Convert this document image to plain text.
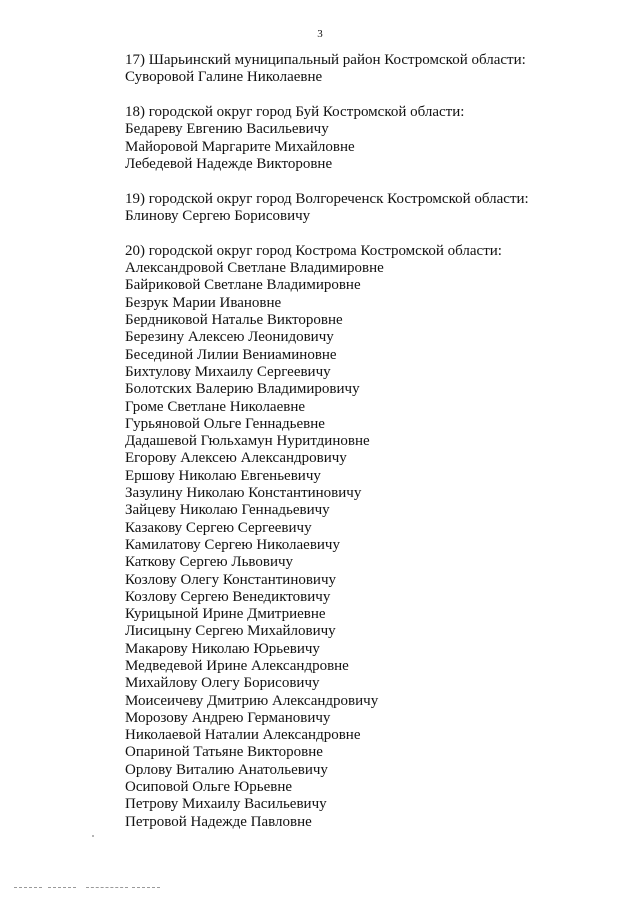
3
17) Шарьинский муниципальный район Костромской области:
Суворовой Галине Николаевне
18) городской округ город Буй Костромской области:
Бедареву Евгению Васильевичу
Майоровой Маргарите Михайловне
Лебедевой Надежде Викторовне
19) городской округ город Волгореченск Костромской области:
Блинову Сергею Борисовичу
20) городской округ город Кострома Костромской области:
Александровой Светлане Владимировне
Байриковой Светлане Владимировне
Безрук Марии Ивановне
Бердниковой Наталье Викторовне
Березину Алексею Леонидовичу
Бесединой Лилии Вениаминовне
Бихтулову Михаилу Сергеевичу
Болотских Валерию Владимировичу
Громе Светлане Николаевне
Гурьяновой Ольге Геннадьевне
Дадашевой Гюльхамун Нуритдиновне
Егорову Алексею Александровичу
Ершову Николаю Евгеньевичу
Зазулину Николаю Константиновичу
Зайцеву Николаю Геннадьевичу
Казакову Сергею Сергеевичу
Камилатову Сергею Николаевичу
Каткову Сергею Львовичу
Козлову Олегу Константиновичу
Козлову Сергею Венедиктовичу
Курицыной Ирине Дмитриевне
Лисицыну Сергею Михайловичу
Макарову Николаю Юрьевичу
Медведевой Ирине Александровне
Михайлову Олегу Борисовичу
Моисеичеву Дмитрию Александровичу
Морозову Андрею Германовичу
Николаевой Наталии Александровне
Опариной Татьяне Викторовне
Орлову Виталию Анатольевичу
Осиповой Ольге Юрьевне
Петрову Михаилу Васильевичу
Петровой Надежде Павловне
